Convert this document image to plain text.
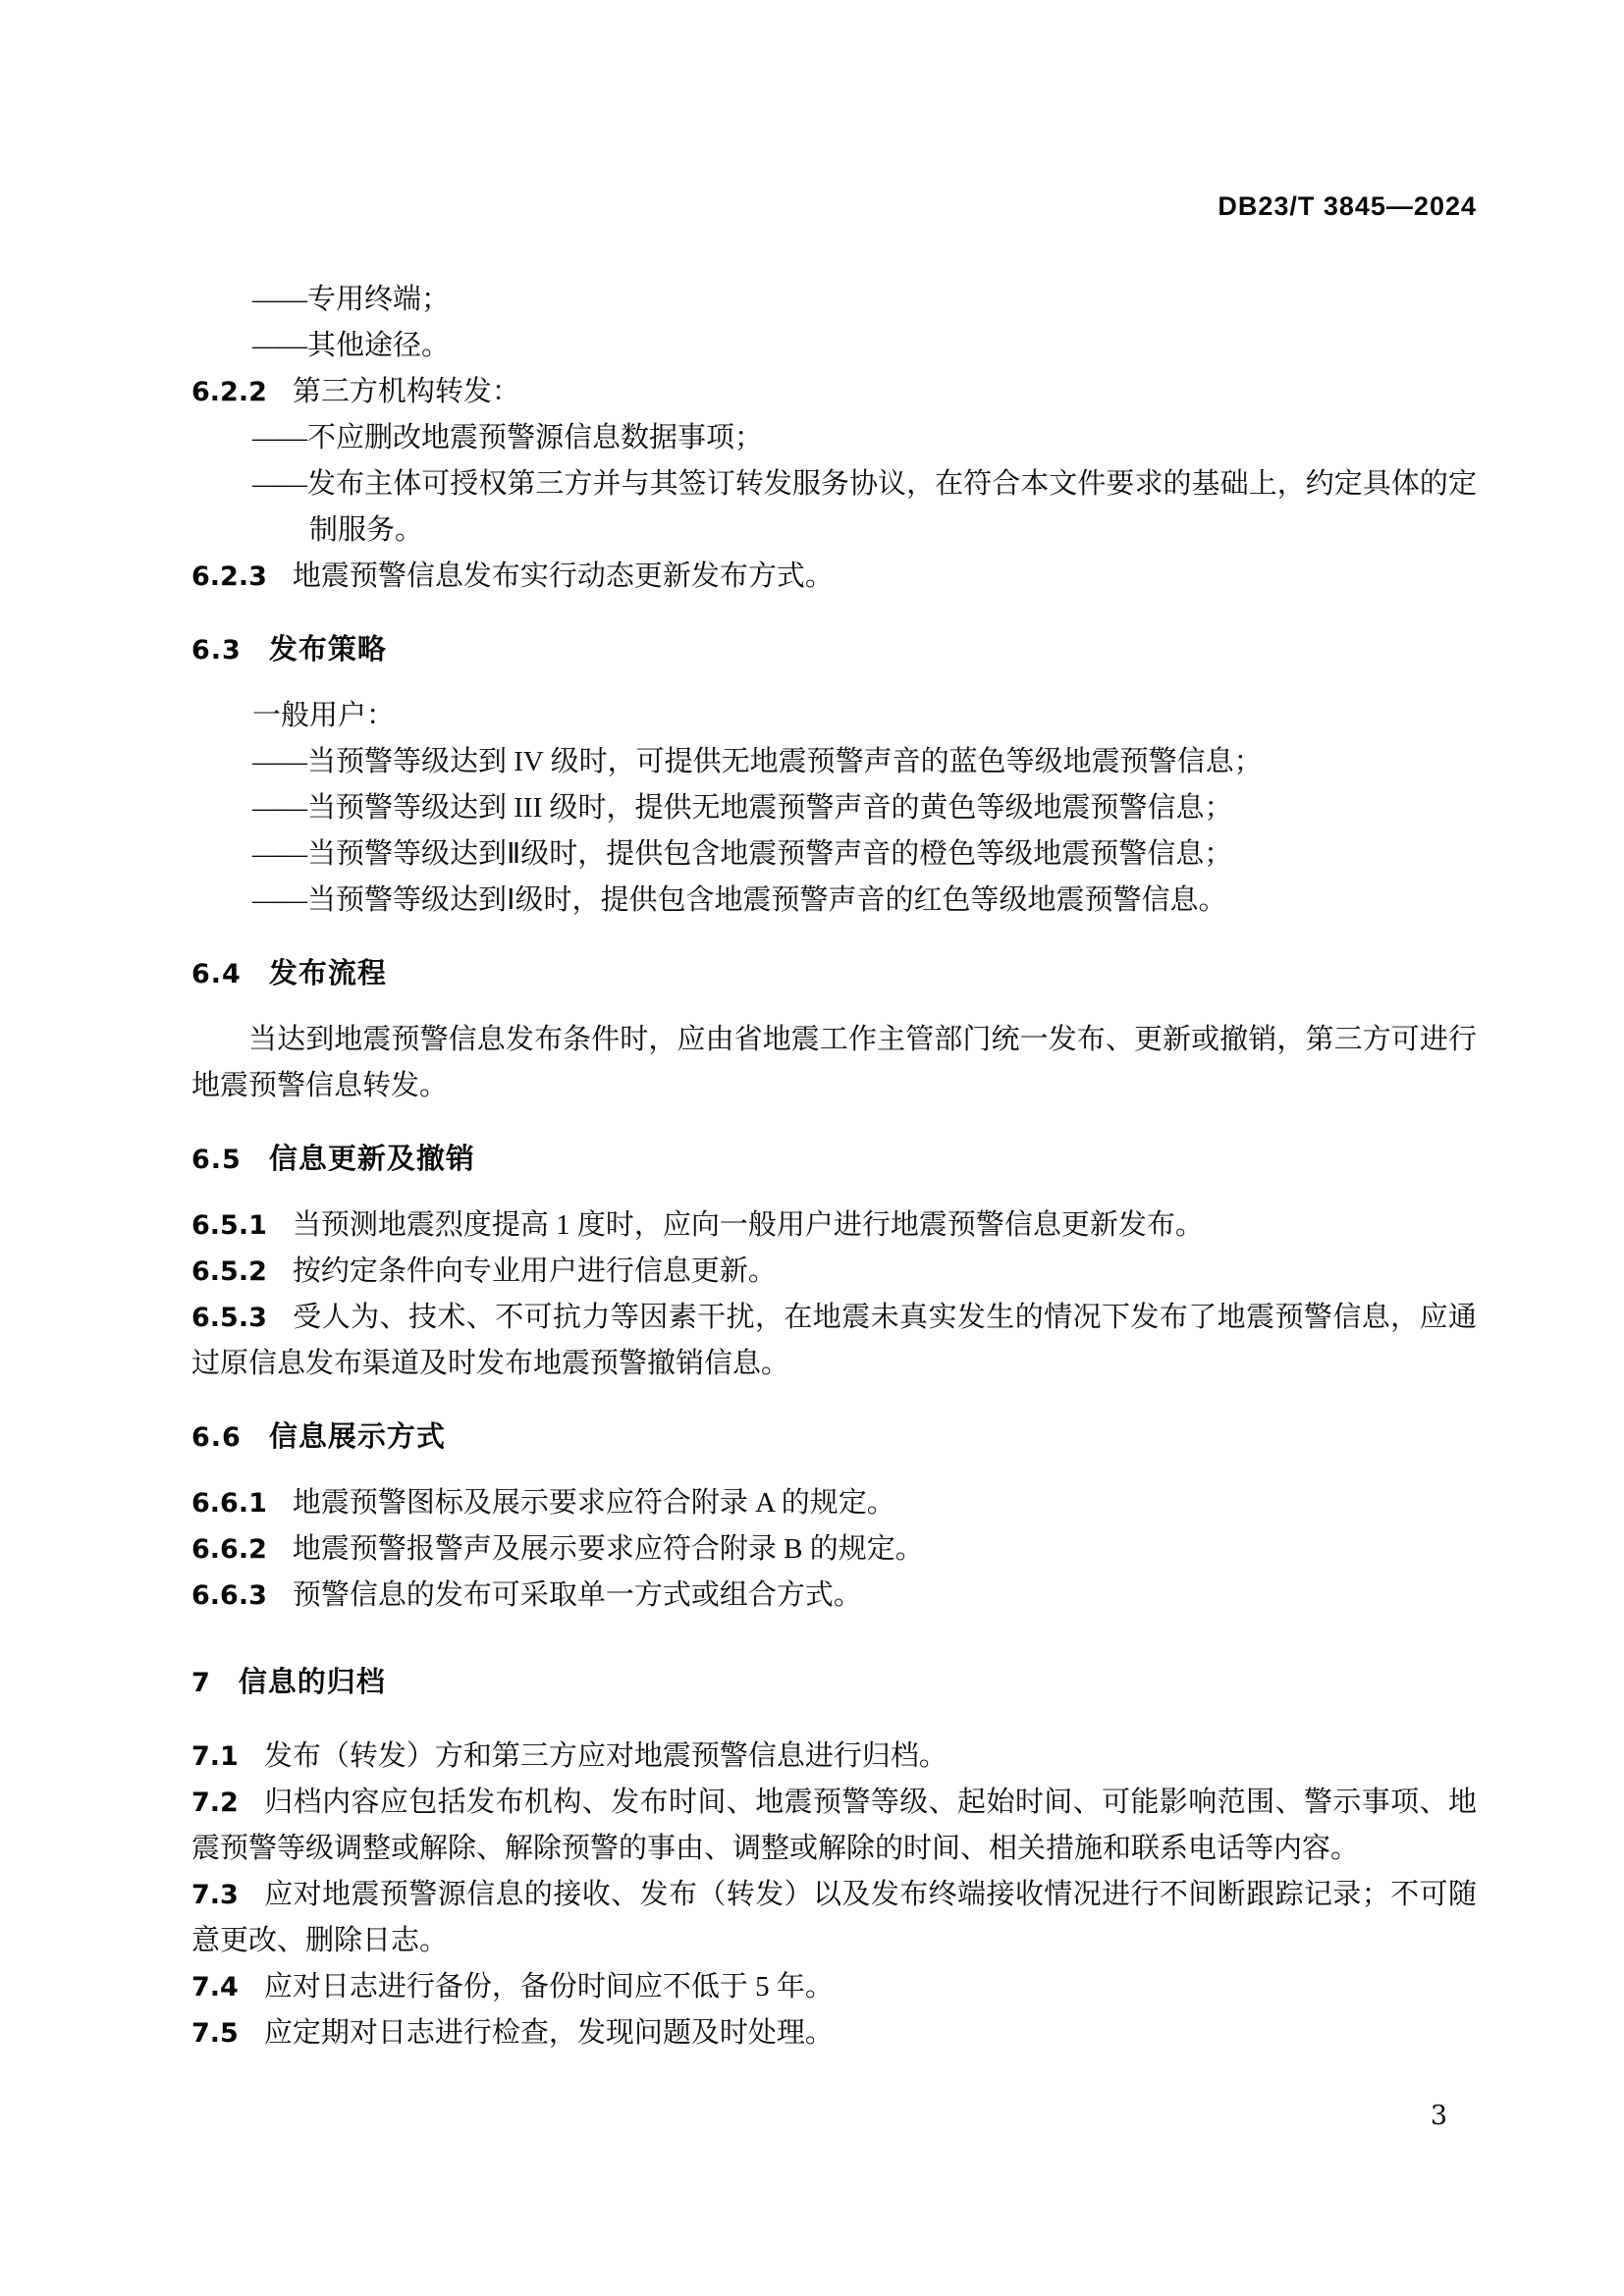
DB23/T 3845—2024

——专用终端；

——其他途径。

6.2.2 第三方机构转发：

——不应删改地震预警源信息数据事项；

——发布主体可授权第三方并与其签订转发服务协议，在符合本文件要求的基础上，约定具体的定制服务。

6.2.3 地震预警信息发布实行动态更新发布方式。

6.3 发布策略

一般用户：

——当预警等级达到 IV 级时，可提供无地震预警声音的蓝色等级地震预警信息；

——当预警等级达到 III 级时，提供无地震预警声音的黄色等级地震预警信息；

——当预警等级达到Ⅱ级时，提供包含地震预警声音的橙色等级地震预警信息；

——当预警等级达到Ⅰ级时，提供包含地震预警声音的红色等级地震预警信息。

6.4 发布流程

当达到地震预警信息发布条件时，应由省地震工作主管部门统一发布、更新或撤销，第三方可进行地震预警信息转发。

6.5 信息更新及撤销

6.5.1 当预测地震烈度提高 1 度时，应向一般用户进行地震预警信息更新发布。

6.5.2 按约定条件向专业用户进行信息更新。

6.5.3 受人为、技术、不可抗力等因素干扰，在地震未真实发生的情况下发布了地震预警信息，应通过原信息发布渠道及时发布地震预警撤销信息。

6.6 信息展示方式

6.6.1 地震预警图标及展示要求应符合附录 A 的规定。

6.6.2 地震预警报警声及展示要求应符合附录 B 的规定。

6.6.3 预警信息的发布可采取单一方式或组合方式。

7 信息的归档

7.1 发布（转发）方和第三方应对地震预警信息进行归档。

7.2 归档内容应包括发布机构、发布时间、地震预警等级、起始时间、可能影响范围、警示事项、地震预警等级调整或解除、解除预警的事由、调整或解除的时间、相关措施和联系电话等内容。

7.3 应对地震预警源信息的接收、发布（转发）以及发布终端接收情况进行不间断跟踪记录；不可随意更改、删除日志。

7.4 应对日志进行备份，备份时间应不低于 5 年。

7.5 应定期对日志进行检查，发现问题及时处理。

3
